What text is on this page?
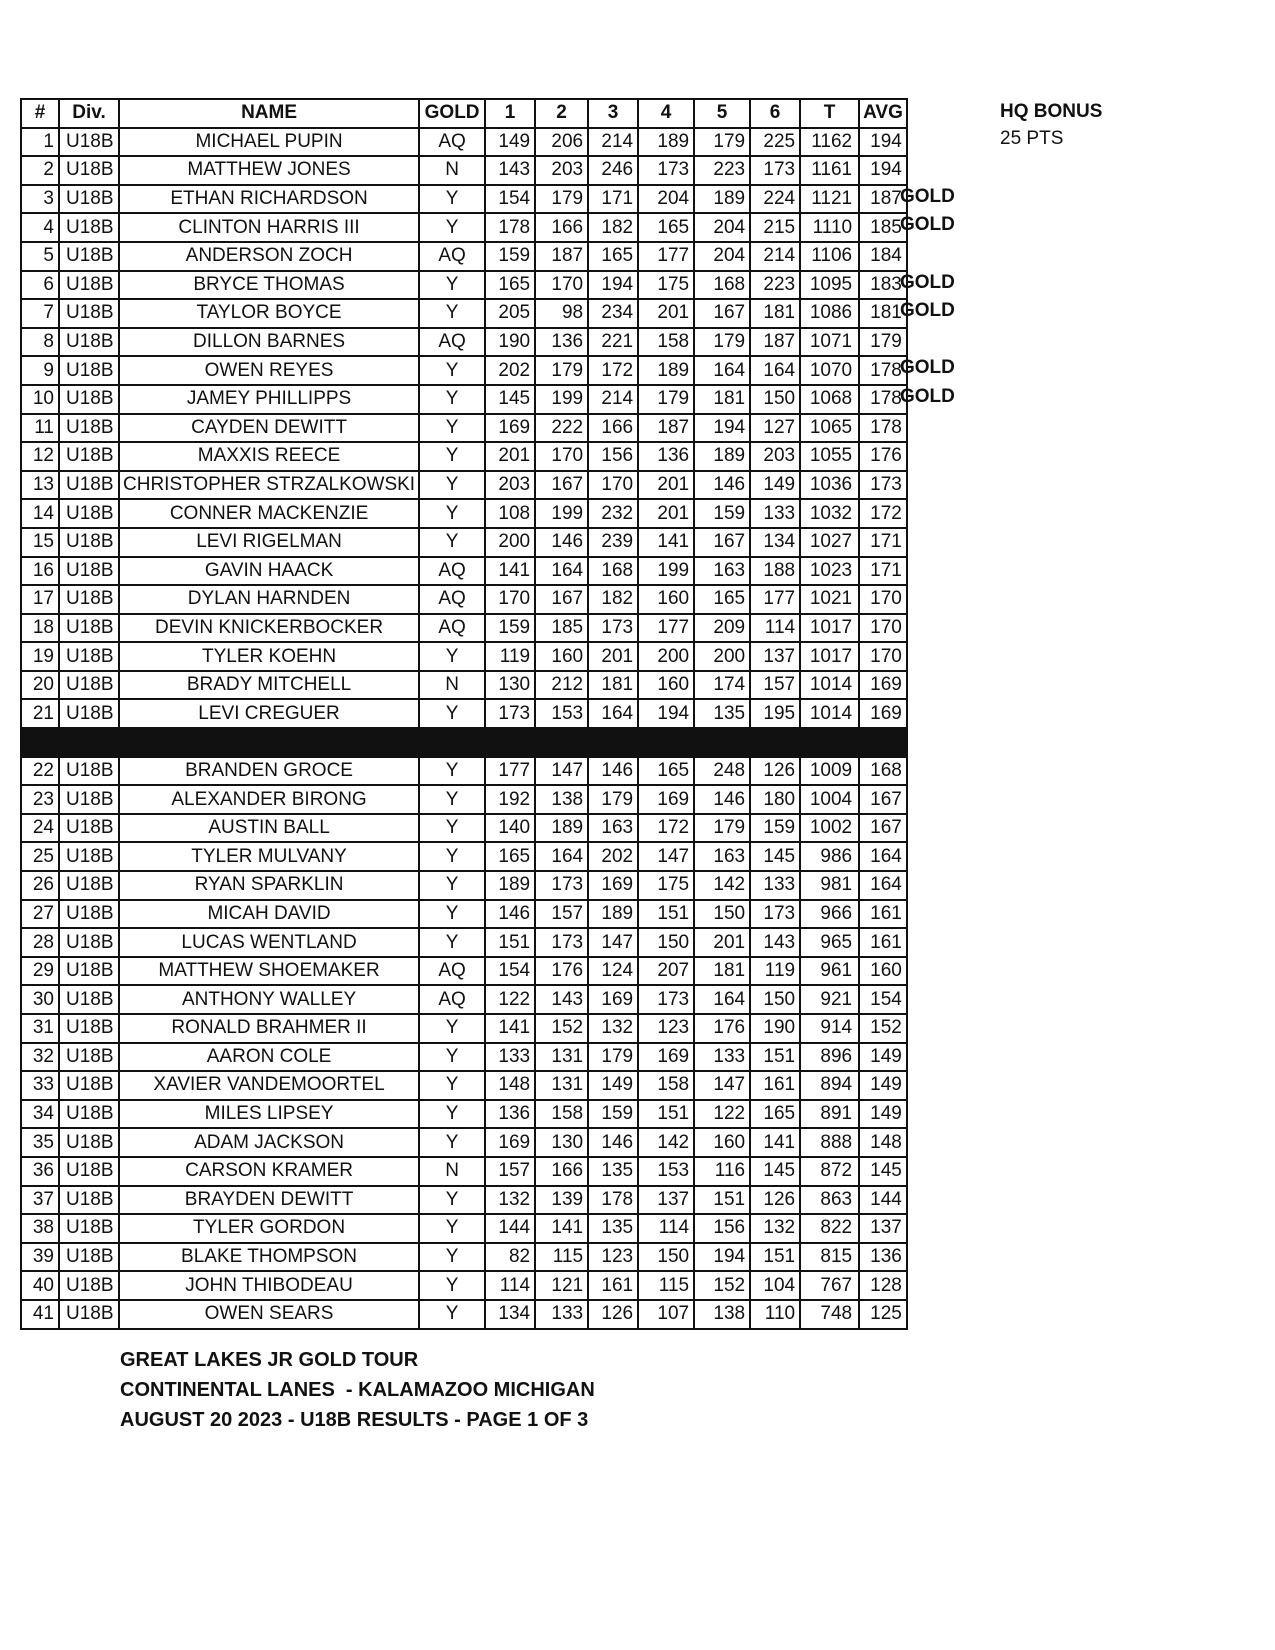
#	Div.	NAME	GOLD	1	2	3	4	5	6	T	AVG
1	U18B	MICHAEL PUPIN	AQ	149	206	214	189	179	225	1162	194
2	U18B	MATTHEW JONES	N	143	203	246	173	223	173	1161	194
3	U18B	ETHAN RICHARDSON	Y	154	179	171	204	189	224	1121	187
4	U18B	CLINTON HARRIS III	Y	178	166	182	165	204	215	1110	185
5	U18B	ANDERSON ZOCH	AQ	159	187	165	177	204	214	1106	184
6	U18B	BRYCE THOMAS	Y	165	170	194	175	168	223	1095	183
7	U18B	TAYLOR BOYCE	Y	205	98	234	201	167	181	1086	181
8	U18B	DILLON BARNES	AQ	190	136	221	158	179	187	1071	179
9	U18B	OWEN REYES	Y	202	179	172	189	164	164	1070	178
10	U18B	JAMEY PHILLIPPS	Y	145	199	214	179	181	150	1068	178
11	U18B	CAYDEN DEWITT	Y	169	222	166	187	194	127	1065	178
12	U18B	MAXXIS REECE	Y	201	170	156	136	189	203	1055	176
13	U18B	CHRISTOPHER STRZALKOWSKI	Y	203	167	170	201	146	149	1036	173
14	U18B	CONNER MACKENZIE	Y	108	199	232	201	159	133	1032	172
15	U18B	LEVI RIGELMAN	Y	200	146	239	141	167	134	1027	171
16	U18B	GAVIN HAACK	AQ	141	164	168	199	163	188	1023	171
17	U18B	DYLAN HARNDEN	AQ	170	167	182	160	165	177	1021	170
18	U18B	DEVIN KNICKERBOCKER	AQ	159	185	173	177	209	114	1017	170
19	U18B	TYLER KOEHN	Y	119	160	201	200	200	137	1017	170
20	U18B	BRADY MITCHELL	N	130	212	181	160	174	157	1014	169
21	U18B	LEVI CREGUER	Y	173	153	164	194	135	195	1014	169

22	U18B	BRANDEN GROCE	Y	177	147	146	165	248	126	1009	168
23	U18B	ALEXANDER BIRONG	Y	192	138	179	169	146	180	1004	167
24	U18B	AUSTIN BALL	Y	140	189	163	172	179	159	1002	167
25	U18B	TYLER MULVANY	Y	165	164	202	147	163	145	986	164
26	U18B	RYAN SPARKLIN	Y	189	173	169	175	142	133	981	164
27	U18B	MICAH DAVID	Y	146	157	189	151	150	173	966	161
28	U18B	LUCAS WENTLAND	Y	151	173	147	150	201	143	965	161
29	U18B	MATTHEW SHOEMAKER	AQ	154	176	124	207	181	119	961	160
30	U18B	ANTHONY WALLEY	AQ	122	143	169	173	164	150	921	154
31	U18B	RONALD BRAHMER II	Y	141	152	132	123	176	190	914	152
32	U18B	AARON COLE	Y	133	131	179	169	133	151	896	149
33	U18B	XAVIER VANDEMOORTEL	Y	148	131	149	158	147	161	894	149
34	U18B	MILES LIPSEY	Y	136	158	159	151	122	165	891	149
35	U18B	ADAM JACKSON	Y	169	130	146	142	160	141	888	148
36	U18B	CARSON KRAMER	N	157	166	135	153	116	145	872	145
37	U18B	BRAYDEN DEWITT	Y	132	139	178	137	151	126	863	144
38	U18B	TYLER GORDON	Y	144	141	135	114	156	132	822	137
39	U18B	BLAKE THOMPSON	Y	82	115	123	150	194	151	815	136
40	U18B	JOHN THIBODEAU	Y	114	121	161	115	152	104	767	128
41	U18B	OWEN SEARS	Y	134	133	126	107	138	110	748	125
GOLD
GOLD
GOLD
GOLD
GOLD
GOLD
HQ BONUS
25 PTS
GREAT LAKES JR GOLD TOUR
CONTINENTAL LANES  - KALAMAZOO MICHIGAN
AUGUST 20 2023 - U18B RESULTS - PAGE 1 OF 3
